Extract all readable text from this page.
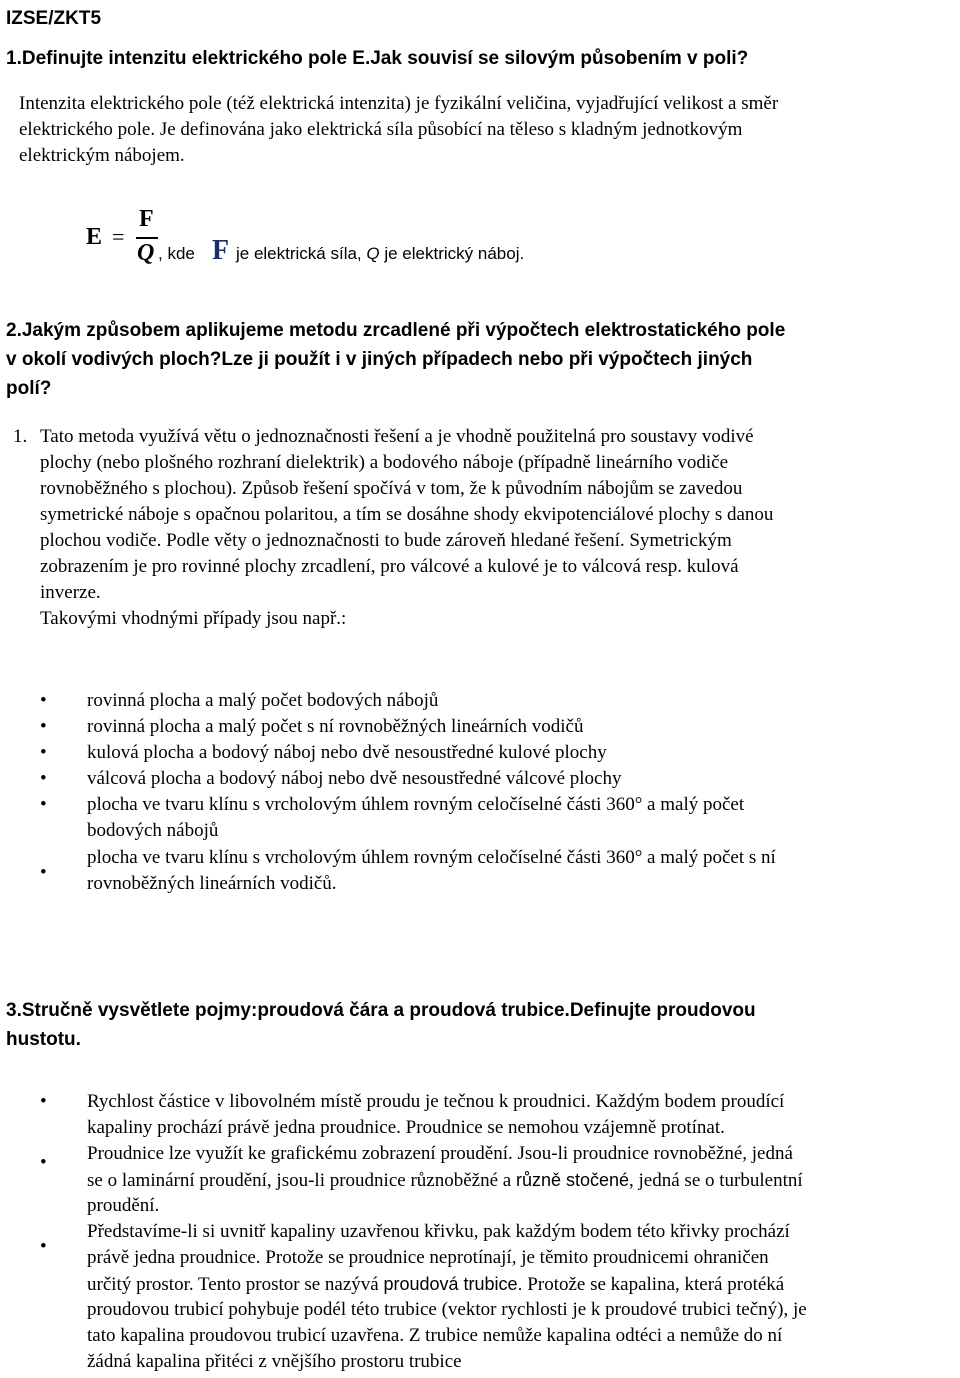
IZSE/ZKT5
1.Definujte intenzitu elektrického pole E.Jak souvisí se silovým působením v poli?
Intenzita elektrického pole (též elektrická intenzita) je fyzikální veličina, vyjadřující velikost a směr
elektrického pole. Je definována jako elektrická síla působící na těleso s kladným jednotkovým
elektrickým nábojem.
E =
F
Q , kde F je elektrická síla, Q je elektrický náboj.
2.Jakým způsobem aplikujeme metodu zrcadlené při výpočtech elektrostatického pole
v okolí vodivých ploch?Lze ji použít i v jiných případech nebo při výpočtech jiných
polí?
1. Tato metoda využívá větu o jednoznačnosti řešení a je vhodně použitelná pro soustavy vodivé
plochy (nebo plošného rozhraní dielektrik) a bodového náboje (případně lineárního vodiče
rovnoběžného s plochou). Způsob řešení spočívá v tom, že k původním nábojům se zavedou
symetrické náboje s opačnou polaritou, a tím se dosáhne shody ekvipotenciálové plochy s danou
plochou vodiče. Podle věty o jednoznačnosti to bude zároveň hledané řešení. Symetrickým
zobrazením je pro rovinné plochy zrcadlení, pro válcové a kulové je to válcová resp. kulová
inverze.
Takovými vhodnými případy jsou např.:
• rovinná plocha a malý počet bodových nábojů
• rovinná plocha a malý počet s ní rovnoběžných lineárních vodičů
• kulová plocha a bodový náboj nebo dvě nesoustředné kulové plochy
• válcová plocha a bodový náboj nebo dvě nesoustředné válcové plochy
• plocha ve tvaru klínu s vrcholovým úhlem rovným celočíselné části 360° a malý počet
bodových nábojů
•
plocha ve tvaru klínu s vrcholovým úhlem rovným celočíselné části 360° a malý počet s ní
rovnoběžných lineárních vodičů.
3.Stručně vysvětlete pojmy:proudová čára a proudová trubice.Definujte proudovou
hustotu.
• Rychlost částice v libovolném místě proudu je tečnou k proudnici. Každým bodem proudící
kapaliny prochází právě jedna proudnice. Proudnice se nemohou vzájemně protínat.
• Proudnice lze využít ke grafickému zobrazení proudění. Jsou-li proudnice rovnoběžné, jedná
se o laminární proudění, jsou-li proudnice různoběžné a různě stočené, jedná se o turbulentní
proudění.
•
Představíme-li si uvnitř kapaliny uzavřenou křivku, pak každým bodem této křivky prochází
právě jedna proudnice. Protože se proudnice neprotínají, je těmito proudnicemi ohraničen
určitý prostor. Tento prostor se nazývá proudová trubice. Protože se kapalina, která protéká
proudovou trubicí pohybuje podél této trubice (vektor rychlosti je k proudové trubici tečný), je
tato kapalina proudovou trubicí uzavřena. Z trubice nemůže kapalina odtéci a nemůže do ní
žádná kapalina přitéci z vnějšího prostoru trubice
